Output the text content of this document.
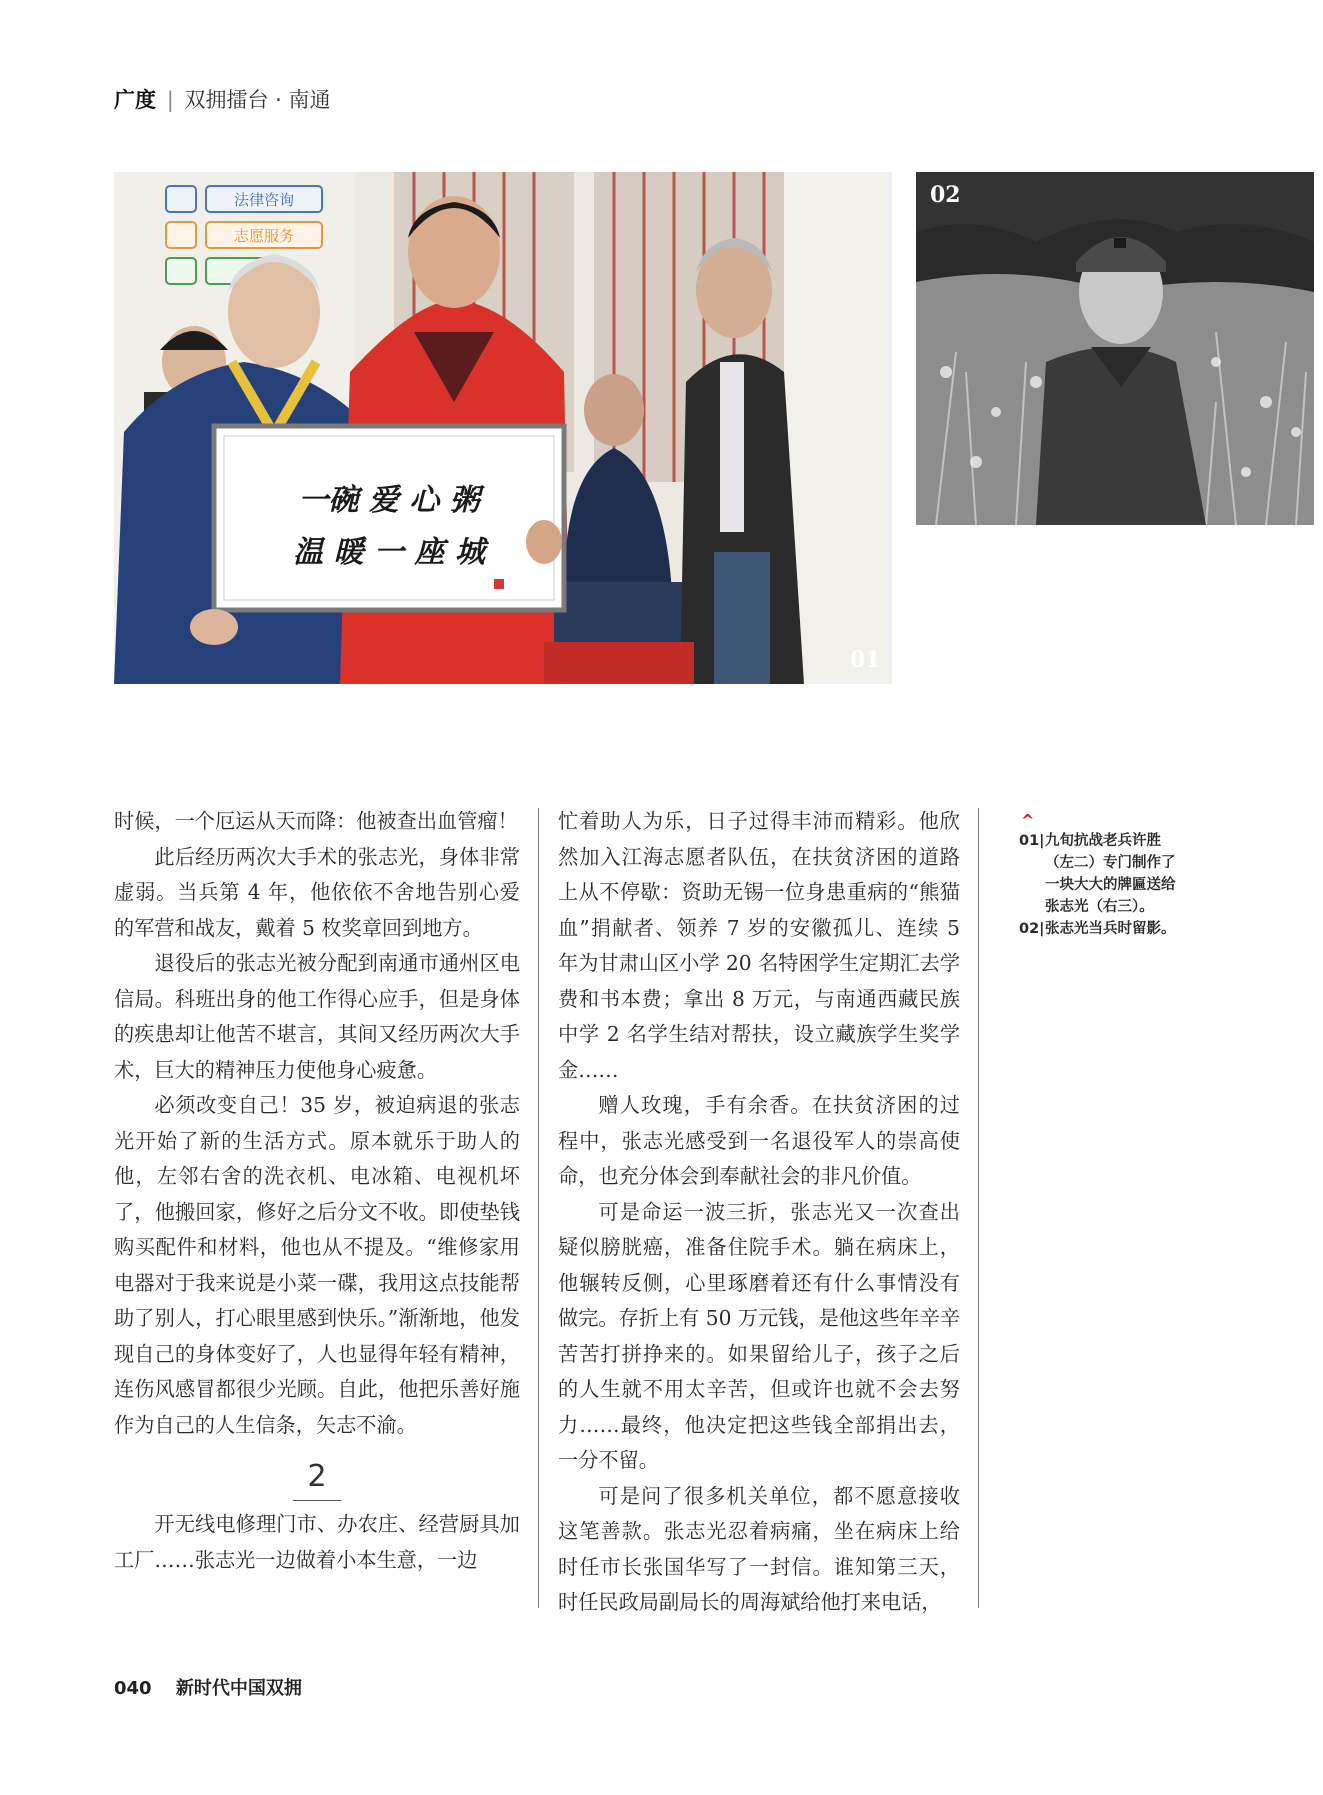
广度 | 双拥擂台 · 南通
法律咨询
志愿服务
一碗 爱 心 粥
温 暖 一 座 城
01
02

时候，一个厄运从天而降：他被查出血管瘤！

此后经历两次大手术的张志光，身体非常虚弱。当兵第 4 年，他依依不舍地告别心爱的军营和战友，戴着 5 枚奖章回到地方。

退役后的张志光被分配到南通市通州区电信局。科班出身的他工作得心应手，但是身体的疾患却让他苦不堪言，其间又经历两次大手术，巨大的精神压力使他身心疲惫。

必须改变自己！35 岁，被迫病退的张志光开始了新的生活方式。原本就乐于助人的他，左邻右舍的洗衣机、电冰箱、电视机坏了，他搬回家，修好之后分文不收。即使垫钱购买配件和材料，他也从不提及。“维修家用电器对于我来说是小菜一碟，我用这点技能帮助了别人，打心眼里感到快乐。”渐渐地，他发现自己的身体变好了，人也显得年轻有精神，连伤风感冒都很少光顾。自此，他把乐善好施作为自己的人生信条，矢志不渝。

2

开无线电修理门市、办农庄、经营厨具加工厂……张志光一边做着小本生意，一边

忙着助人为乐，日子过得丰沛而精彩。他欣然加入江海志愿者队伍，在扶贫济困的道路上从不停歇：资助无锡一位身患重病的“熊猫血”捐献者、领养 7 岁的安徽孤儿、连续 5 年为甘肃山区小学 20 名特困学生定期汇去学费和书本费；拿出 8 万元，与南通西藏民族中学 2 名学生结对帮扶，设立藏族学生奖学金……

赠人玫瑰，手有余香。在扶贫济困的过程中，张志光感受到一名退役军人的崇高使命，也充分体会到奉献社会的非凡价值。

可是命运一波三折，张志光又一次查出疑似膀胱癌，准备住院手术。躺在病床上，他辗转反侧，心里琢磨着还有什么事情没有做完。存折上有 50 万元钱，是他这些年辛辛苦苦打拼挣来的。如果留给儿子，孩子之后的人生就不用太辛苦，但或许也就不会去努力……最终，他决定把这些钱全部捐出去，一分不留。

可是问了很多机关单位，都不愿意接收这笔善款。张志光忍着病痛，坐在病床上给时任市长张国华写了一封信。谁知第三天，时任民政局副局长的周海斌给他打来电话，

^
01| 九旬抗战老兵许胜
（左二）专门制作了
一块大大的牌匾送给
张志光（右三）。
02| 张志光当兵时留影。
040 新时代中国双拥
